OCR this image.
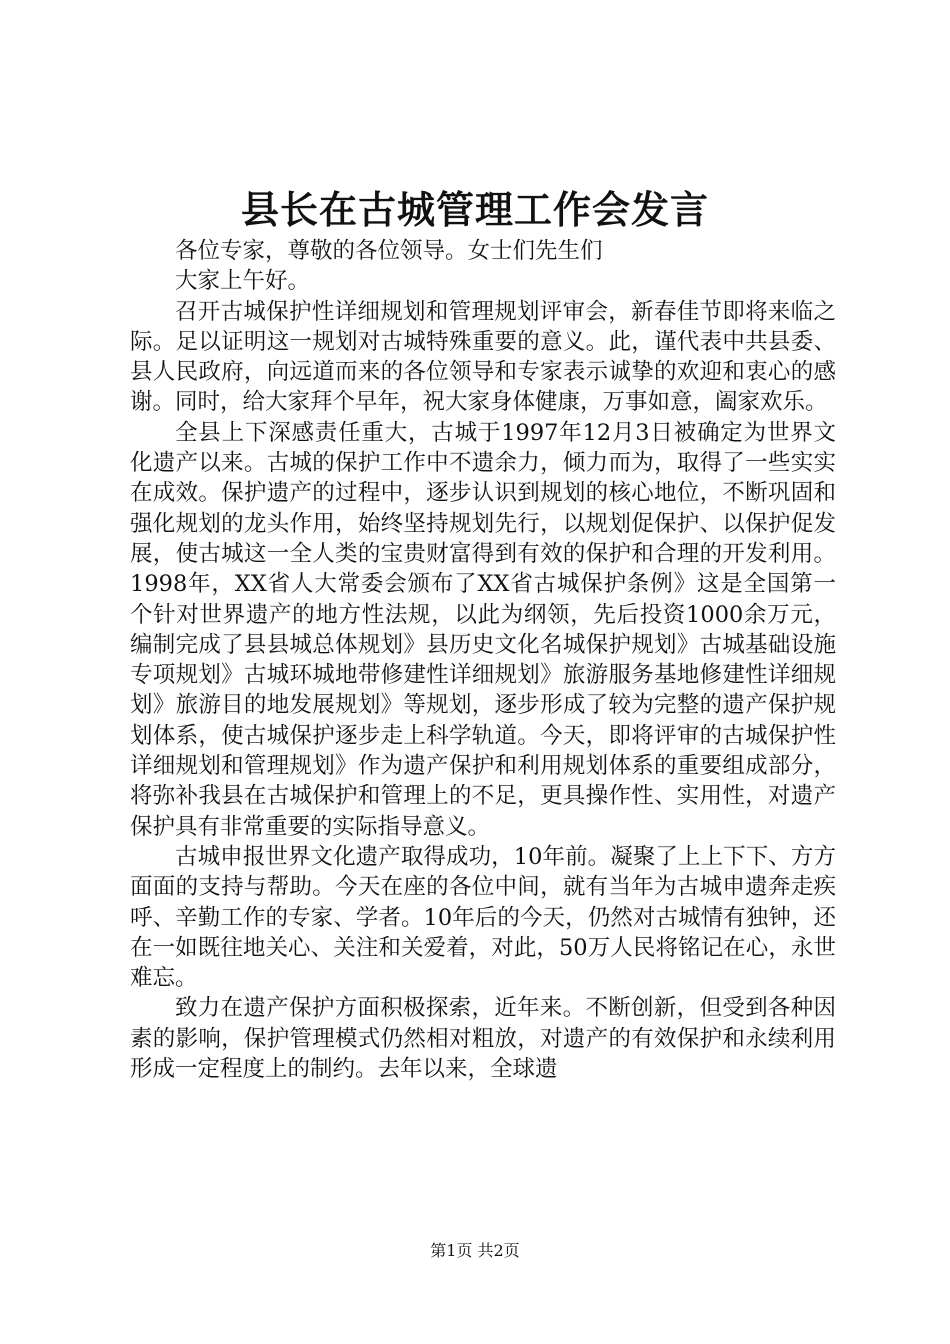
县长在古城管理工作会发言

各位专家，尊敬的各位领导。女士们先生们

大家上午好。

召开古城保护性详细规划和管理规划评审会，新春佳节即将来临之际。足以证明这一规划对古城特殊重要的意义。此，谨代表中共县委、县人民政府，向远道而来的各位领导和专家表示诚挚的欢迎和衷心的感谢。同时，给大家拜个早年，祝大家身体健康，万事如意，阖家欢乐。

全县上下深感责任重大，古城于1997年12月3日被确定为世界文化遗产以来。古城的保护工作中不遗余力，倾力而为，取得了一些实实在成效。保护遗产的过程中，逐步认识到规划的核心地位，不断巩固和强化规划的龙头作用，始终坚持规划先行，以规划促保护、以保护促发展，使古城这一全人类的宝贵财富得到有效的保护和合理的开发利用。1998年，XX省人大常委会颁布了XX省古城保护条例》这是全国第一个针对世界遗产的地方性法规，以此为纲领，先后投资1000余万元，编制完成了县县城总体规划》县历史文化名城保护规划》古城基础设施专项规划》古城环城地带修建性详细规划》旅游服务基地修建性详细规划》旅游目的地发展规划》等规划，逐步形成了较为完整的遗产保护规划体系，使古城保护逐步走上科学轨道。今天，即将评审的古城保护性详细规划和管理规划》作为遗产保护和利用规划体系的重要组成部分，将弥补我县在古城保护和管理上的不足，更具操作性、实用性，对遗产保护具有非常重要的实际指导意义。

古城申报世界文化遗产取得成功，10年前。凝聚了上上下下、方方面面的支持与帮助。今天在座的各位中间，就有当年为古城申遗奔走疾呼、辛勤工作的专家、学者。10年后的今天，仍然对古城情有独钟，还在一如既往地关心、关注和关爱着，对此，50万人民将铭记在心，永世难忘。

致力在遗产保护方面积极探索，近年来。不断创新，但受到各种因素的影响，保护管理模式仍然相对粗放，对遗产的有效保护和永续利用形成一定程度上的制约。去年以来，全球遗

第1页 共2页
